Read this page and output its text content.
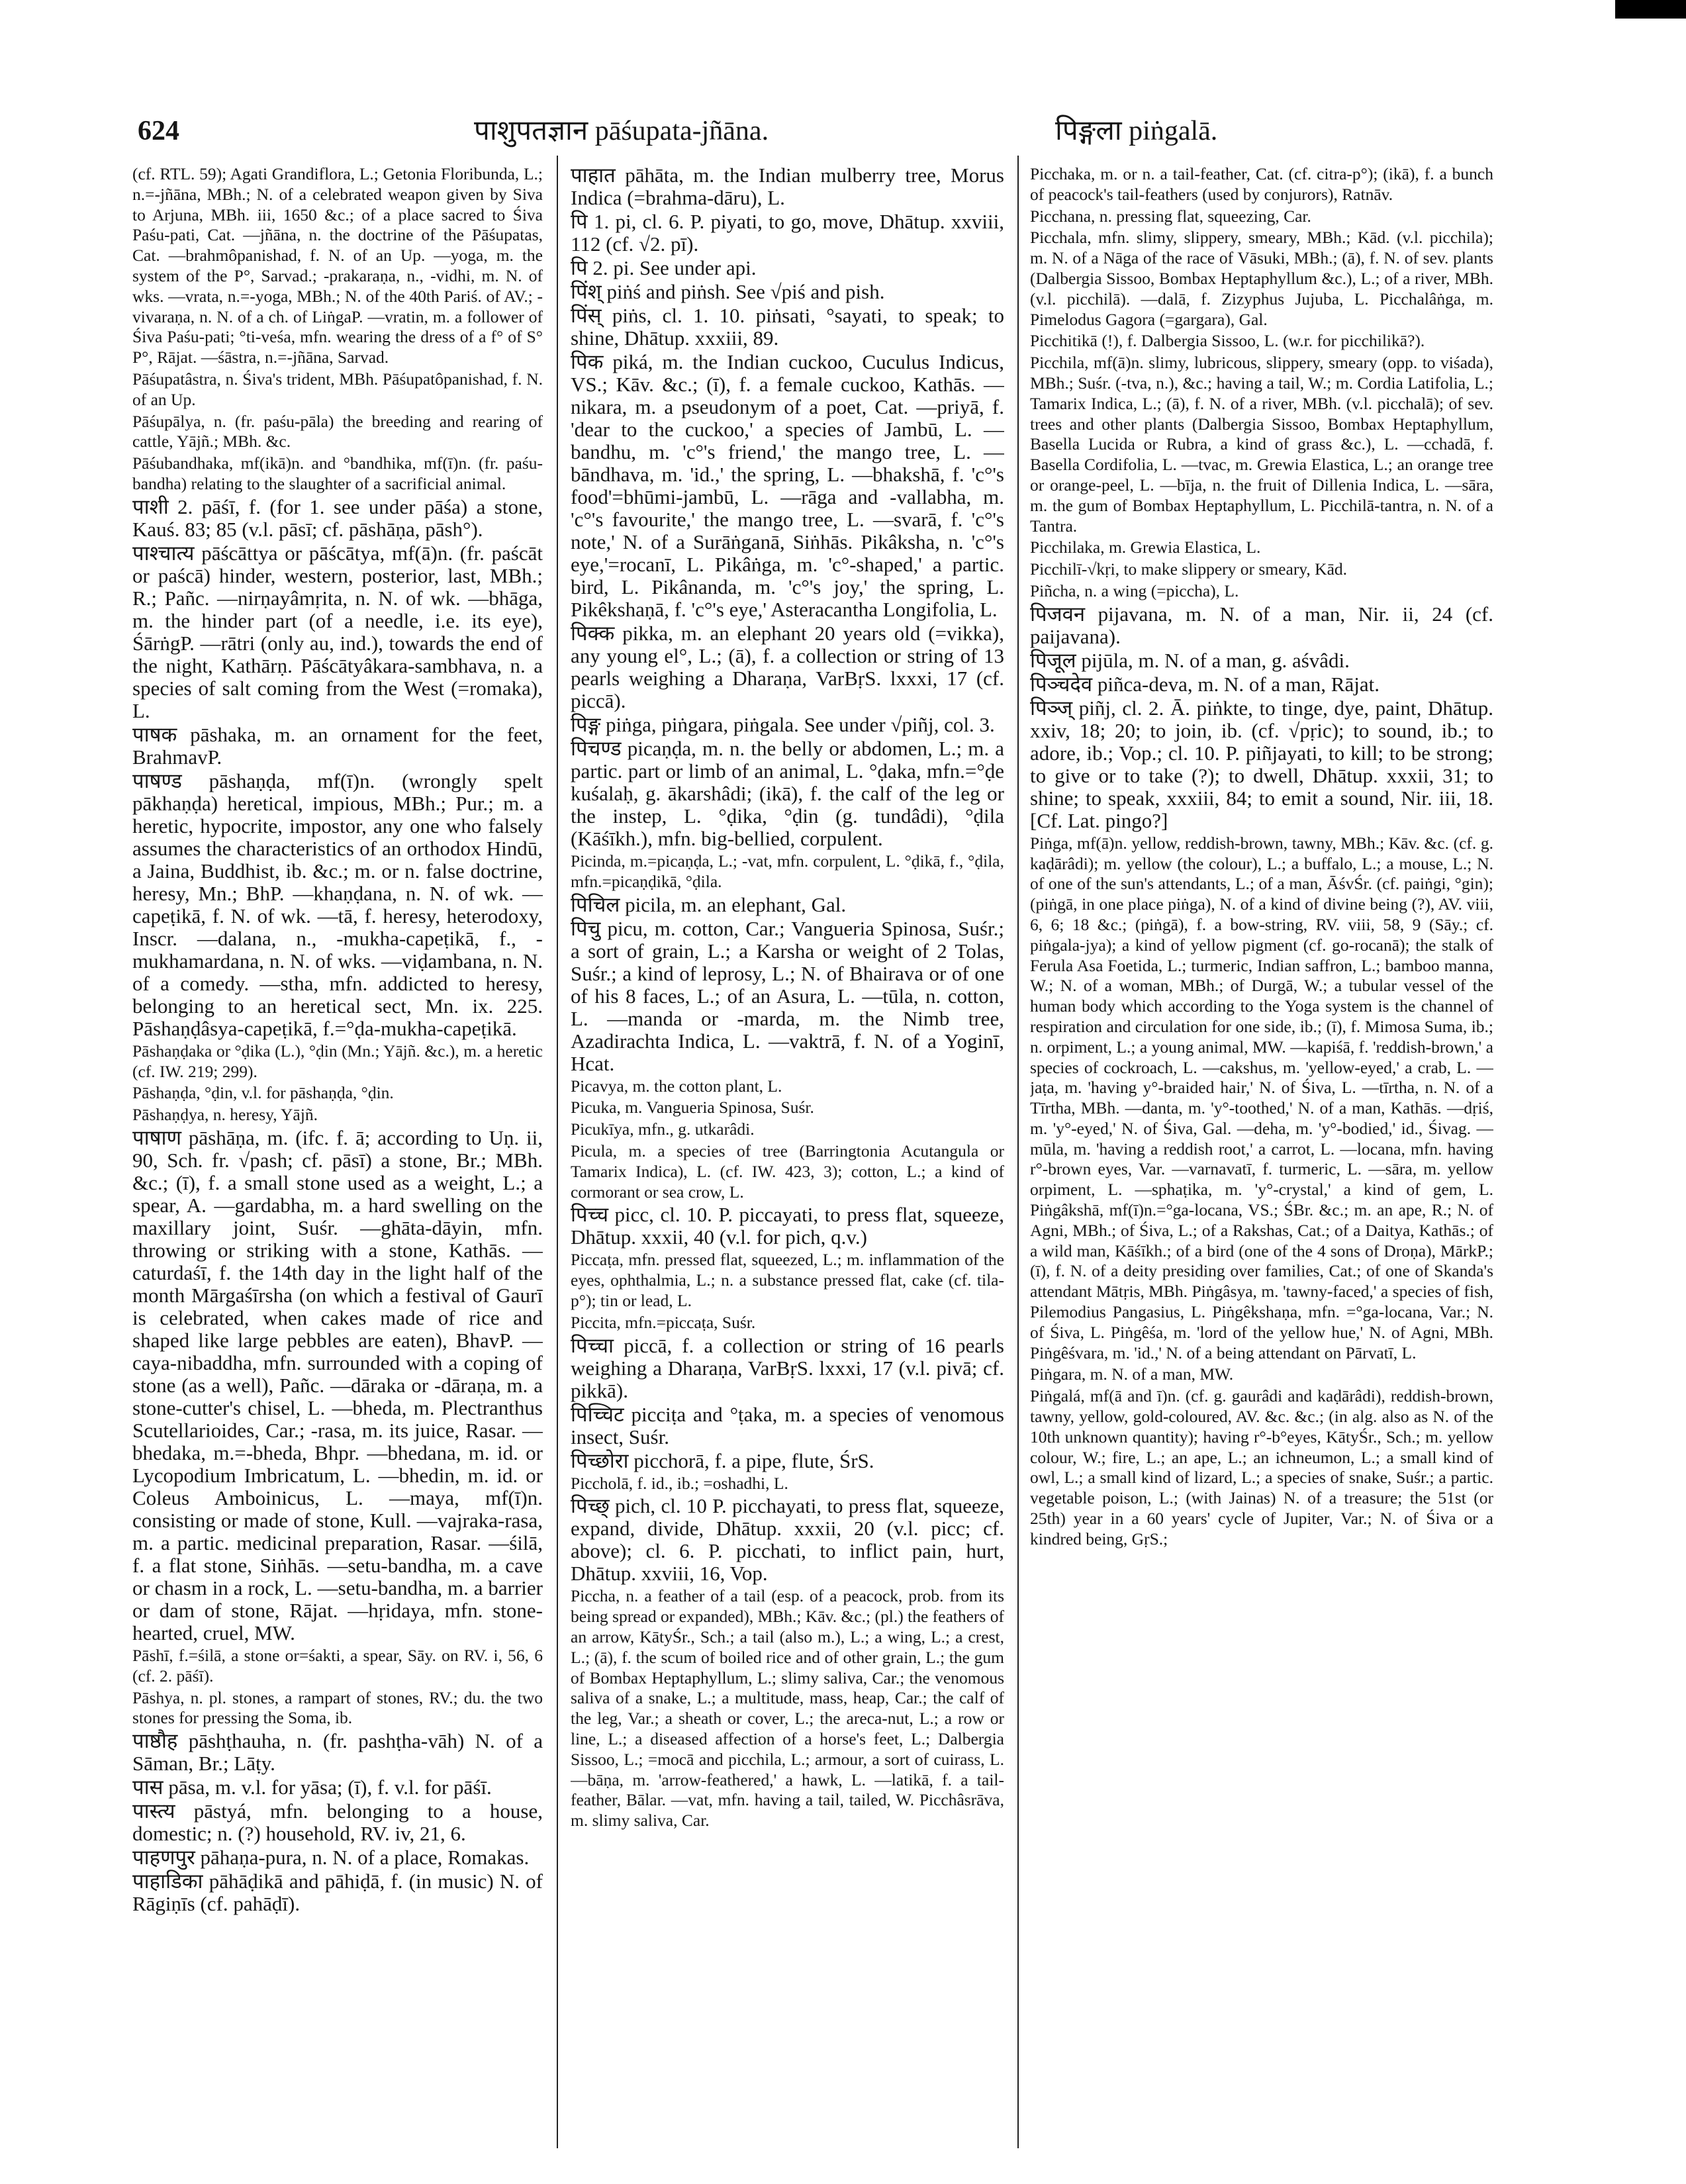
624	पाशुपतज्ञान pāśupata-jñāna.	पिङ्गला piṅgalā.

(cf. RTL. 59); Agati Grandiflora, L.; Getonia Floribunda, L.; n.=-jñāna, MBh.; N. of a celebrated weapon given by Siva to Arjuna, MBh. iii, 1650 &c.; of a place sacred to Śiva Paśu-pati, Cat. —jñāna, n. the doctrine of the Pāśupatas, Cat. —brahmôpanishad, f. N. of an Up. —yoga, m. the system of the P°, Sarvad.; -prakaraṇa, n., -vidhi, m. N. of wks. —vrata, n.=-yoga, MBh.; N. of the 40th Pariś. of AV.; -vivaraṇa, n. N. of a ch. of LiṅgaP. —vratin, m. a follower of Śiva Paśu-pati; °ti-veśa, mfn. wearing the dress of a f° of S° P°, Rājat. —śāstra, n.=-jñāna, Sarvad.

Pāśupatâstra, n. Śiva's trident, MBh. Pāśupatôpanishad, f. N. of an Up.

Pāśupālya, n. (fr. paśu-pāla) the breeding and rearing of cattle, Yājñ.; MBh. &c.

Pāśubandhaka, mf(ikā)n. and °bandhika, mf(ī)n. (fr. paśu-bandha) relating to the slaughter of a sacrificial animal.

पाशी 2. pāśī, f. (for 1. see under pāśa) a stone, Kauś. 83; 85 (v.l. pāsī; cf. pāshāṇa, pāsh°).

पाश्चात्य pāścāttya or pāścātya, mf(ā)n. (fr. paścāt or paścā) hinder, western, posterior, last, MBh.; R.; Pañc. —nirṇayâmṛita, n. N. of wk. —bhāga, m. the hinder part (of a needle, i.e. its eye), ŚārṅgP. —rātri (only au, ind.), towards the end of the night, Kathārṇ. Pāścātyâkara-sambhava, n. a species of salt coming from the West (=romaka), L.

पाषक pāshaka, m. an ornament for the feet, BrahmavP.

पाषण्ड pāshaṇḍa, mf(ī)n. (wrongly spelt pākhaṇḍa) heretical, impious, MBh.; Pur.; m. a heretic, hypocrite, impostor, any one who falsely assumes the characteristics of an orthodox Hindū, a Jaina, Buddhist, ib. &c.; m. or n. false doctrine, heresy, Mn.; BhP. —khaṇḍana, n. N. of wk. —capeṭikā, f. N. of wk. —tā, f. heresy, heterodoxy, Inscr. —dalana, n., -mukha-capeṭikā, f., -mukhamardana, n. N. of wks. —viḍambana, n. N. of a comedy. —stha, mfn. addicted to heresy, belonging to an heretical sect, Mn. ix. 225. Pāshaṇḍâsya-capeṭikā, f.=°ḍa-mukha-capeṭikā.

Pāshaṇḍaka or °ḍika (L.), °ḍin (Mn.; Yājñ. &c.), m. a heretic (cf. IW. 219; 299).

Pāshaṇḍa, °ḍin, v.l. for pāshaṇḍa, °ḍin.

Pāshaṇḍya, n. heresy, Yājñ.

पाषाण pāshāṇa, m. (ifc. f. ā; according to Uṇ. ii, 90, Sch. fr. √pash; cf. pāsī) a stone, Br.; MBh. &c.; (ī), f. a small stone used as a weight, L.; a spear, A. —gardabha, m. a hard swelling on the maxillary joint, Suśr. —ghāta-dāyin, mfn. throwing or striking with a stone, Kathās. —caturdaśī, f. the 14th day in the light half of the month Mārgaśīrsha (on which a festival of Gaurī is celebrated, when cakes made of rice and shaped like large pebbles are eaten), BhavP. —caya-nibaddha, mfn. surrounded with a coping of stone (as a well), Pañc. —dāraka or -dāraṇa, m. a stone-cutter's chisel, L. —bheda, m. Plectranthus Scutellarioides, Car.; -rasa, m. its juice, Rasar. —bhedaka, m.=-bheda, Bhpr. —bhedana, m. id. or Lycopodium Imbricatum, L. —bhedin, m. id. or Coleus Amboinicus, L. —maya, mf(ī)n. consisting or made of stone, Kull. —vajraka-rasa, m. a partic. medicinal preparation, Rasar. —śilā, f. a flat stone, Siṅhās. —setu-bandha, m. a cave or chasm in a rock, L. —setu-bandha, m. a barrier or dam of stone, Rājat. —hṛidaya, mfn. stone-hearted, cruel, MW.

Pāshī, f.=śilā, a stone or=śakti, a spear, Sāy. on RV. i, 56, 6 (cf. 2. pāśī).

Pāshya, n. pl. stones, a rampart of stones, RV.; du. the two stones for pressing the Soma, ib.

पाष्ठौह pāshṭhauha, n. (fr. pashṭha-vāh) N. of a Sāman, Br.; Lāṭy.

पास pāsa, m. v.l. for yāsa; (ī), f. v.l. for pāśī.

पास्त्य pāstyá, mfn. belonging to a house, domestic; n. (?) household, RV. iv, 21, 6.

पाहणपुर pāhaṇa-pura, n. N. of a place, Romakas.

पाहाडिका pāhāḍikā and pāhiḍā, f. (in music) N. of Rāgiṇīs (cf. pahāḍī).

पाहात pāhāta, m. the Indian mulberry tree, Morus Indica (=brahma-dāru), L.

पि 1. pi, cl. 6. P. piyati, to go, move, Dhātup. xxviii, 112 (cf. √2. pī).

पि 2. pi. See under api.

पिंश् piṅś and piṅsh. See √piś and pish.

पिंस् piṅs, cl. 1. 10. piṅsati, °sayati, to speak; to shine, Dhātup. xxxiii, 89.

पिक piká, m. the Indian cuckoo, Cuculus Indicus, VS.; Kāv. &c.; (ī), f. a female cuckoo, Kathās. —nikara, m. a pseudonym of a poet, Cat. —priyā, f. 'dear to the cuckoo,' a species of Jambū, L. —bandhu, m. 'c°'s friend,' the mango tree, L. —bāndhava, m. 'id.,' the spring, L. —bhakshā, f. 'c°'s food'=bhūmi-jambū, L. —rāga and -vallabha, m. 'c°'s favourite,' the mango tree, L. —svarā, f. 'c°'s note,' N. of a Surāṅganā, Siṅhās. Pikâksha, n. 'c°'s eye,'=rocanī, L. Pikâṅga, m. 'c°-shaped,' a partic. bird, L. Pikânanda, m. 'c°'s joy,' the spring, L. Pikêkshaṇā, f. 'c°'s eye,' Asteracantha Longifolia, L.

पिक्क pikka, m. an elephant 20 years old (=vikka), any young el°, L.; (ā), f. a collection or string of 13 pearls weighing a Dharaṇa, VarBṛS. lxxxi, 17 (cf. piccā).

पिङ्ग piṅga, piṅgara, piṅgala. See under √piñj, col. 3.

पिचण्ड picaṇḍa, m. n. the belly or abdomen, L.; m. a partic. part or limb of an animal, L. °ḍaka, mfn.=°ḍe kuśalaḥ, g. ākarshâdi; (ikā), f. the calf of the leg or the instep, L. °ḍika, °ḍin (g. tundâdi), °ḍila (Kāśīkh.), mfn. big-bellied, corpulent.

Picinda, m.=picaṇḍa, L.; -vat, mfn. corpulent, L. °ḍikā, f., °ḍila, mfn.=picaṇḍikā, °ḍila.

पिचिल picila, m. an elephant, Gal.

पिचु picu, m. cotton, Car.; Vangueria Spinosa, Suśr.; a sort of grain, L.; a Karsha or weight of 2 Tolas, Suśr.; a kind of leprosy, L.; N. of Bhairava or of one of his 8 faces, L.; of an Asura, L. —tūla, n. cotton, L. —manda or -marda, m. the Nimb tree, Azadirachta Indica, L. —vaktrā, f. N. of a Yoginī, Hcat.

Picavya, m. the cotton plant, L.

Picuka, m. Vangueria Spinosa, Suśr.

Picukīya, mfn., g. utkarâdi.

Picula, m. a species of tree (Barringtonia Acutangula or Tamarix Indica), L. (cf. IW. 423, 3); cotton, L.; a kind of cormorant or sea crow, L.

पिच्च picc, cl. 10. P. piccayati, to press flat, squeeze, Dhātup. xxxii, 40 (v.l. for pich, q.v.)

Piccaṭa, mfn. pressed flat, squeezed, L.; m. inflammation of the eyes, ophthalmia, L.; n. a substance pressed flat, cake (cf. tila-p°); tin or lead, L.

Piccita, mfn.=piccaṭa, Suśr.

पिच्चा piccā, f. a collection or string of 16 pearls weighing a Dharaṇa, VarBṛS. lxxxi, 17 (v.l. pivā; cf. pikkā).

पिच्चिट picciṭa and °ṭaka, m. a species of venomous insect, Suśr.

पिच्छोरा picchorā, f. a pipe, flute, ŚrS.

Piccholā, f. id., ib.; =oshadhi, L.

पिच्छ् pich, cl. 10 P. picchayati, to press flat, squeeze, expand, divide, Dhātup. xxxii, 20 (v.l. picc; cf. above); cl. 6. P. picchati, to inflict pain, hurt, Dhātup. xxviii, 16, Vop.

Piccha, n. a feather of a tail (esp. of a peacock, prob. from its being spread or expanded), MBh.; Kāv. &c.; (pl.) the feathers of an arrow, KātyŚr., Sch.; a tail (also m.), L.; a wing, L.; a crest, L.; (ā), f. the scum of boiled rice and of other grain, L.; the gum of Bombax Heptaphyllum, L.; slimy saliva, Car.; the venomous saliva of a snake, L.; a multitude, mass, heap, Car.; the calf of the leg, Var.; a sheath or cover, L.; the areca-nut, L.; a row or line, L.; a diseased affection of a horse's feet, L.; Dalbergia Sissoo, L.; =mocā and picchila, L.; armour, a sort of cuirass, L. —bāṇa, m. 'arrow-feathered,' a hawk, L. —latikā, f. a tail-feather, Bālar. —vat, mfn. having a tail, tailed, W. Picchâsrāva, m. slimy saliva, Car.

Picchaka, m. or n. a tail-feather, Cat. (cf. citra-p°); (ikā), f. a bunch of peacock's tail-feathers (used by conjurors), Ratnāv.

Picchana, n. pressing flat, squeezing, Car.

Picchala, mfn. slimy, slippery, smeary, MBh.; Kād. (v.l. picchila); m. N. of a Nāga of the race of Vāsuki, MBh.; (ā), f. N. of sev. plants (Dalbergia Sissoo, Bombax Heptaphyllum &c.), L.; of a river, MBh. (v.l. picchilā). —dalā, f. Zizyphus Jujuba, L. Picchalâṅga, m. Pimelodus Gagora (=gargara), Gal.

Picchitikā (!), f. Dalbergia Sissoo, L. (w.r. for picchilikā?).

Picchila, mf(ā)n. slimy, lubricous, slippery, smeary (opp. to viśada), MBh.; Suśr. (-tva, n.), &c.; having a tail, W.; m. Cordia Latifolia, L.; Tamarix Indica, L.; (ā), f. N. of a river, MBh. (v.l. picchalā); of sev. trees and other plants (Dalbergia Sissoo, Bombax Heptaphyllum, Basella Lucida or Rubra, a kind of grass &c.), L. —cchadā, f. Basella Cordifolia, L. —tvac, m. Grewia Elastica, L.; an orange tree or orange-peel, L. —bīja, n. the fruit of Dillenia Indica, L. —sāra, m. the gum of Bombax Heptaphyllum, L. Picchilā-tantra, n. N. of a Tantra.

Picchilaka, m. Grewia Elastica, L.

Picchilī-√kṛi, to make slippery or smeary, Kād.

Piñcha, n. a wing (=piccha), L.

पिजवन pijavana, m. N. of a man, Nir. ii, 24 (cf. paijavana).

पिजूल pijūla, m. N. of a man, g. aśvâdi.

पिञ्चदेव piñca-deva, m. N. of a man, Rājat.

पिञ्ज् piñj, cl. 2. Ā. piṅkte, to tinge, dye, paint, Dhātup. xxiv, 18; 20; to join, ib. (cf. √pṛic); to sound, ib.; to adore, ib.; Vop.; cl. 10. P. piñjayati, to kill; to be strong; to give or to take (?); to dwell, Dhātup. xxxii, 31; to shine; to speak, xxxiii, 84; to emit a sound, Nir. iii, 18. [Cf. Lat. pingo?]

Piṅga, mf(ā)n. yellow, reddish-brown, tawny, MBh.; Kāv. &c. (cf. g. kaḍārâdi); m. yellow (the colour), L.; a buffalo, L.; a mouse, L.; N. of one of the sun's attendants, L.; of a man, ĀśvŚr. (cf. paiṅgi, °gin); (piṅgā, in one place piṅga), N. of a kind of divine being (?), AV. viii, 6, 6; 18 &c.; (piṅgā), f. a bow-string, RV. viii, 58, 9 (Sāy.; cf. piṅgala-jya); a kind of yellow pigment (cf. go-rocanā); the stalk of Ferula Asa Foetida, L.; turmeric, Indian saffron, L.; bamboo manna, W.; N. of a woman, MBh.; of Durgā, W.; a tubular vessel of the human body which according to the Yoga system is the channel of respiration and circulation for one side, ib.; (ī), f. Mimosa Suma, ib.; n. orpiment, L.; a young animal, MW. —kapiśā, f. 'reddish-brown,' a species of cockroach, L. —cakshus, m. 'yellow-eyed,' a crab, L. —jaṭa, m. 'having y°-braided hair,' N. of Śiva, L. —tīrtha, n. N. of a Tīrtha, MBh. —danta, m. 'y°-toothed,' N. of a man, Kathās. —dṛiś, m. 'y°-eyed,' N. of Śiva, Gal. —deha, m. 'y°-bodied,' id., Śivag. —mūla, m. 'having a reddish root,' a carrot, L. —locana, mfn. having r°-brown eyes, Var. —varnavatī, f. turmeric, L. —sāra, m. yellow orpiment, L. —sphaṭika, m. 'y°-crystal,' a kind of gem, L. Piṅgâkshā, mf(ī)n.=°ga-locana, VS.; ŚBr. &c.; m. an ape, R.; N. of Agni, MBh.; of Śiva, L.; of a Rakshas, Cat.; of a Daitya, Kathās.; of a wild man, Kāśīkh.; of a bird (one of the 4 sons of Droṇa), MārkP.; (ī), f. N. of a deity presiding over families, Cat.; of one of Skanda's attendant Mātṛis, MBh. Piṅgâsya, m. 'tawny-faced,' a species of fish, Pilemodius Pangasius, L. Piṅgêkshaṇa, mfn. =°ga-locana, Var.; N. of Śiva, L. Piṅgêśa, m. 'lord of the yellow hue,' N. of Agni, MBh. Piṅgêśvara, m. 'id.,' N. of a being attendant on Pārvatī, L.

Piṅgara, m. N. of a man, MW.

Piṅgalá, mf(ā and ī)n. (cf. g. gaurâdi and kaḍārâdi), reddish-brown, tawny, yellow, gold-coloured, AV. &c. &c.; (in alg. also as N. of the 10th unknown quantity); having r°-b°eyes, KātyŚr., Sch.; m. yellow colour, W.; fire, L.; an ape, L.; an ichneumon, L.; a small kind of owl, L.; a small kind of lizard, L.; a species of snake, Suśr.; a partic. vegetable poison, L.; (with Jainas) N. of a treasure; the 51st (or 25th) year in a 60 years' cycle of Jupiter, Var.; N. of Śiva or a kindred being, GṛS.;
